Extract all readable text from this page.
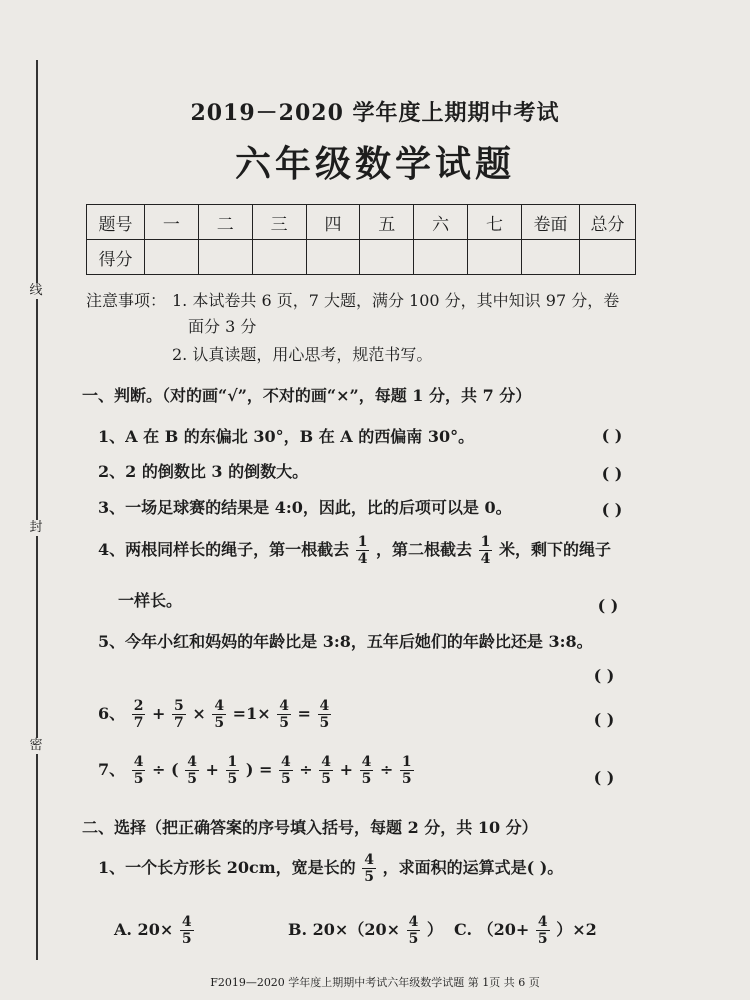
线
封
密
2019－2020 学年度上期期中考试
六年级数学试题
题号	一	二	三	四	五	六	七	卷面	总分
得分									
注意事项： 1. 本试卷共 6 页，7 大题，满分 100 分，其中知识 97 分，卷
面分 3 分
2. 认真读题，用心思考，规范书写。
一、判断。（对的画“√”，不对的画“×”，每题 1 分，共 7 分）
1、A 在 B 的东偏北 30°，B 在 A 的西偏南 30°。	( )
2、2 的倒数比 3 的倒数大。	( )
3、一场足球赛的结果是 4:0，因此，比的后项可以是 0。	( )
4、两根同样长的绳子，第一根截去 $\frac{1}{4}$ ，第二根截去 $\frac{1}{4}$ 米，剩下的绳子
一样长。	( )
5、今年小红和妈妈的年龄比是 3:8，五年后她们的年龄比还是 3:8。
( )
6、 $\frac{2}{7} + \frac{5}{7} \times \frac{4}{5} =1\times \frac{4}{5} = \frac{4}{5}$	( )
7、 $\frac{4}{5}$ ÷ ( $\frac{4}{5} + \frac{1}{5}$ ) = $\frac{4}{5} \div \frac{4}{5} + \frac{4}{5} \div \frac{1}{5}$	( )
二、选择（把正确答案的序号填入括号，每题 2 分，共 10 分）
1、一个长方形长 20cm，宽是长的 $\frac{4}{5}$ ，求面积的运算式是( )。
A. $20\times \frac{4}{5}$	B. $20\times(20\times \frac{4}{5}$ ） C. $(20+ \frac{4}{5} )\times 2$
F2019—2020 学年度上期期中考试六年级数学试题 第 1页 共 6 页
